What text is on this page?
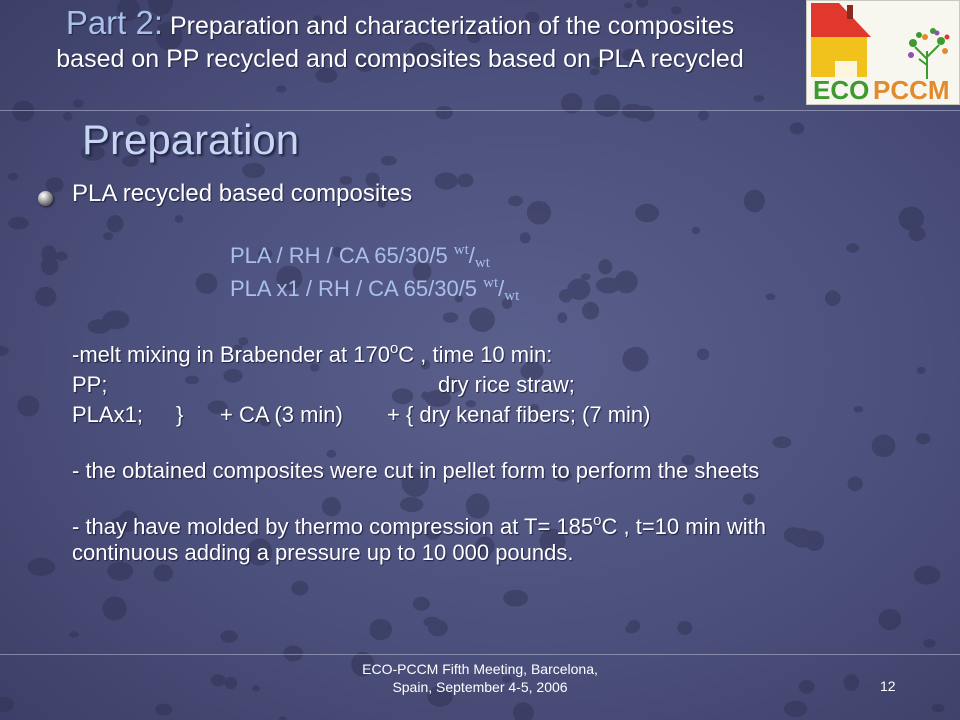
Part 2: Preparation and characterization of the composites
based on PP recycled and composites based on PLA recycled
ECO PCCM
Preparation
PLA recycled based composites
PLA / RH / CA 65/30/5 $^{wt}$/wt
PLA x1 / RH / CA 65/30/5 $^{wt}$/wt
-melt mixing in Brabender at 170$^o$C , time 10 min:
PP;	dry rice straw;
PLAx1; } + CA (3 min) + { dry kenaf fibers; (7 min)
- the obtained composites were cut in pellet form to perform the sheets
- thay have molded by thermo compression at $T= 185^oC$ , t=10 min with
continuous adding a pressure up to 10 000 pounds.
ECO-PCCM Fifth Meeting, Barcelona,
Spain, September 4-5, 2006	12
